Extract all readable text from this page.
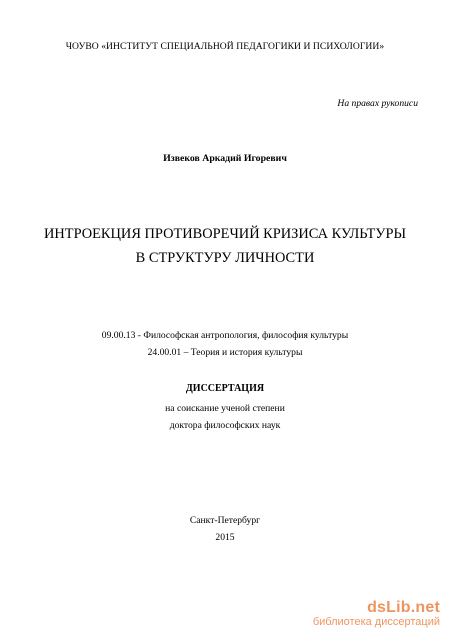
ЧОУВО «ИНСТИТУТ СПЕЦИАЛЬНОЙ ПЕДАГОГИКИ И ПСИХОЛОГИИ»
На правах рукописи
Извеков Аркадий Игоревич
ИНТРОЕКЦИЯ ПРОТИВОРЕЧИЙ КРИЗИСА КУЛЬТУРЫ
В СТРУКТУРУ ЛИЧНОСТИ
09.00.13 - Философская антропология, философия культуры
24.00.01 – Теория и история культуры
ДИССЕРТАЦИЯ
на соискание ученой степени
доктора философских наук
Санкт-Петербург
2015
dsLib.net
библиотека диссертаций
